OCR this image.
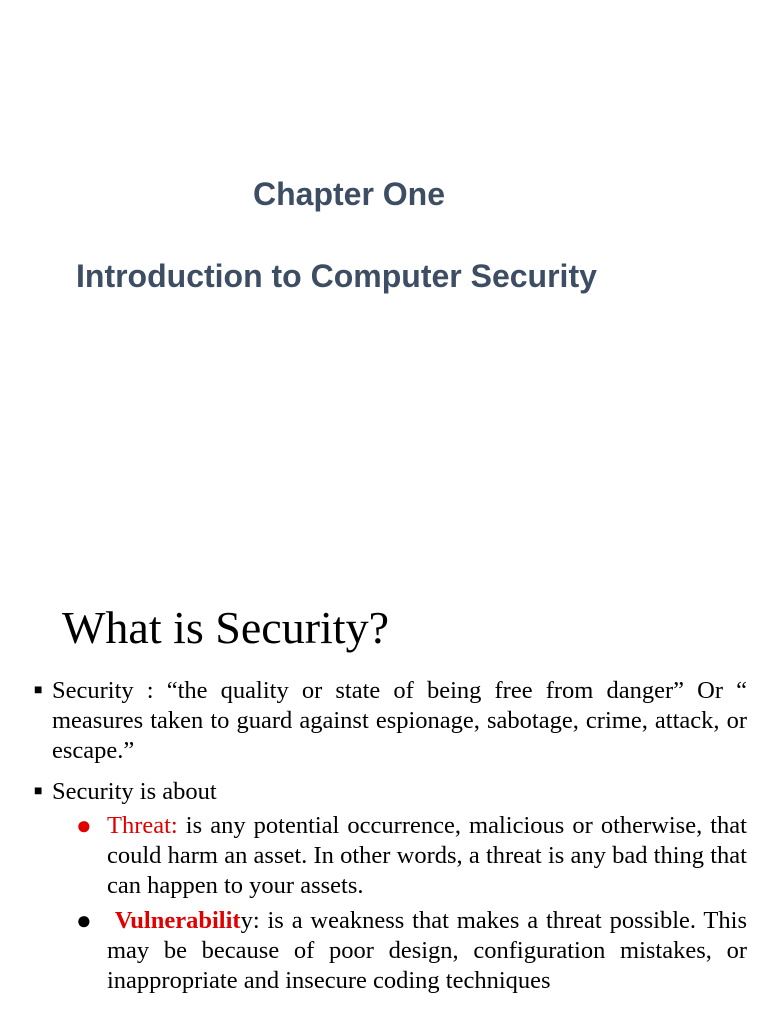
Chapter One
Introduction to Computer Security
What is Security?
■ Security : “the quality or state of being free from danger” Or “ measures taken to guard against espionage, sabotage, crime, attack, or escape.”

■ Security is about

● Threat: is any potential occurrence, malicious or otherwise, that could harm an asset. In other words, a threat is any bad thing that can happen to your assets.

● Vulnerability: is a weakness that makes a threat possible. This may be because of poor design, configuration mistakes, or inappropriate and insecure coding techniques
